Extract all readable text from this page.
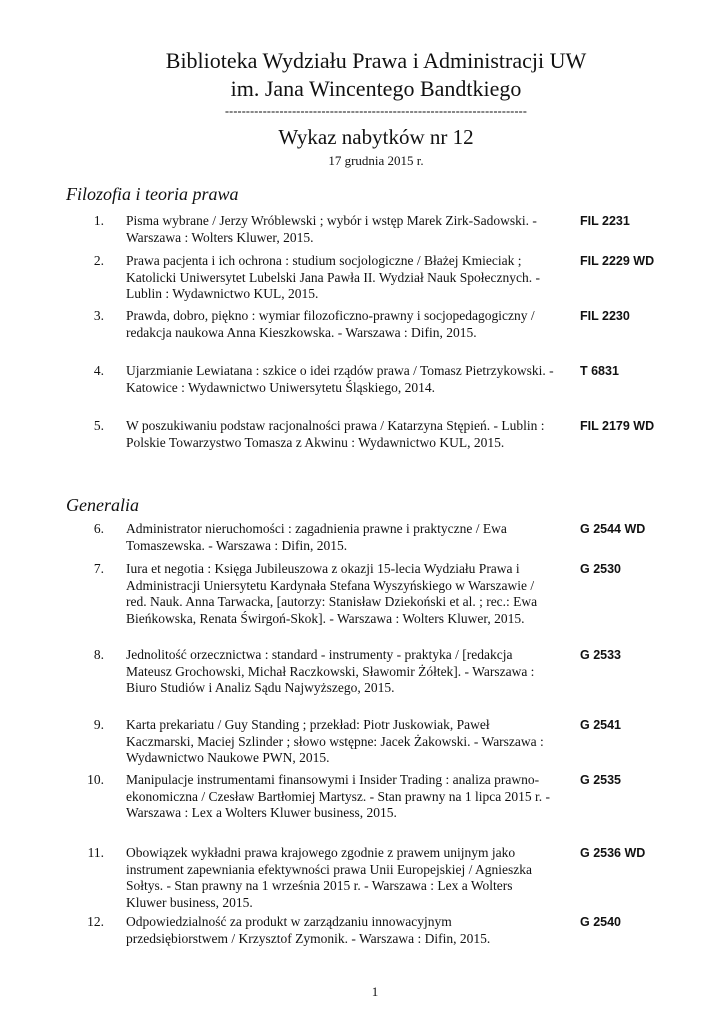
Biblioteka Wydziału Prawa i Administracji UW
im. Jana Wincentego Bandtkiego
------------------------------------------------------------------------
Wykaz nabytków nr 12
17 grudnia 2015 r.
Filozofia i teoria prawa
1. Pisma wybrane / Jerzy Wróblewski ; wybór i wstęp Marek Zirk-Sadowski. - Warszawa : Wolters Kluwer, 2015.
FIL 2231
2. Prawa pacjenta i ich ochrona : studium socjologiczne / Błażej Kmieciak ; Katolicki Uniwersytet Lubelski Jana Pawła II. Wydział Nauk Społecznych. - Lublin : Wydawnictwo KUL, 2015.
FIL 2229 WD
3. Prawda, dobro, piękno : wymiar filozoficzno-prawny i socjopedagogiczny / redakcja naukowa Anna Kieszkowska. - Warszawa : Difin, 2015.
FIL 2230
4. Ujarzmianie Lewiatana : szkice o idei rządów prawa / Tomasz Pietrzykowski. - Katowice : Wydawnictwo Uniwersytetu Śląskiego, 2014.
T 6831
5. W poszukiwaniu podstaw racjonalności prawa / Katarzyna Stępień. - Lublin : Polskie Towarzystwo Tomasza z Akwinu : Wydawnictwo KUL, 2015.
FIL 2179 WD
Generalia
6. Administrator nieruchomości : zagadnienia prawne i praktyczne / Ewa Tomaszewska. - Warszawa : Difin, 2015.
G 2544 WD
7. Iura et negotia : Księga Jubileuszowa z okazji 15-lecia Wydziału Prawa i Administracji Uniersytetu Kardynała Stefana Wyszyńskiego w Warszawie / red. Nauk. Anna Tarwacka, [autorzy: Stanisław Dziekoński et al. ; rec.: Ewa Bieńkowska, Renata Świrgoń-Skok]. - Warszawa : Wolters Kluwer, 2015.
G 2530
8. Jednolitość orzecznictwa : standard - instrumenty - praktyka / [redakcja Mateusz Grochowski, Michał Raczkowski, Sławomir Żółtek]. - Warszawa : Biuro Studiów i Analiz Sądu Najwyższego, 2015.
G 2533
9. Karta prekariatu / Guy Standing ; przekład: Piotr Juskowiak, Paweł Kaczmarski, Maciej Szlinder ; słowo wstępne: Jacek Żakowski. - Warszawa : Wydawnictwo Naukowe PWN, 2015.
G 2541
10. Manipulacje instrumentami finansowymi i Insider Trading : analiza prawno-ekonomiczna / Czesław Bartłomiej Martysz. - Stan prawny na 1 lipca 2015 r. - Warszawa : Lex a Wolters Kluwer business, 2015.
G 2535
11. Obowiązek wykładni prawa krajowego zgodnie z prawem unijnym jako instrument zapewniania efektywności prawa Unii Europejskiej / Agnieszka Sołtys. - Stan prawny na 1 września 2015 r. - Warszawa : Lex a Wolters Kluwer business, 2015.
G 2536 WD
12. Odpowiedzialność za produkt w zarządzaniu innowacyjnym przedsiębiorstwem / Krzysztof Zymonik. - Warszawa : Difin, 2015.
G 2540
1
